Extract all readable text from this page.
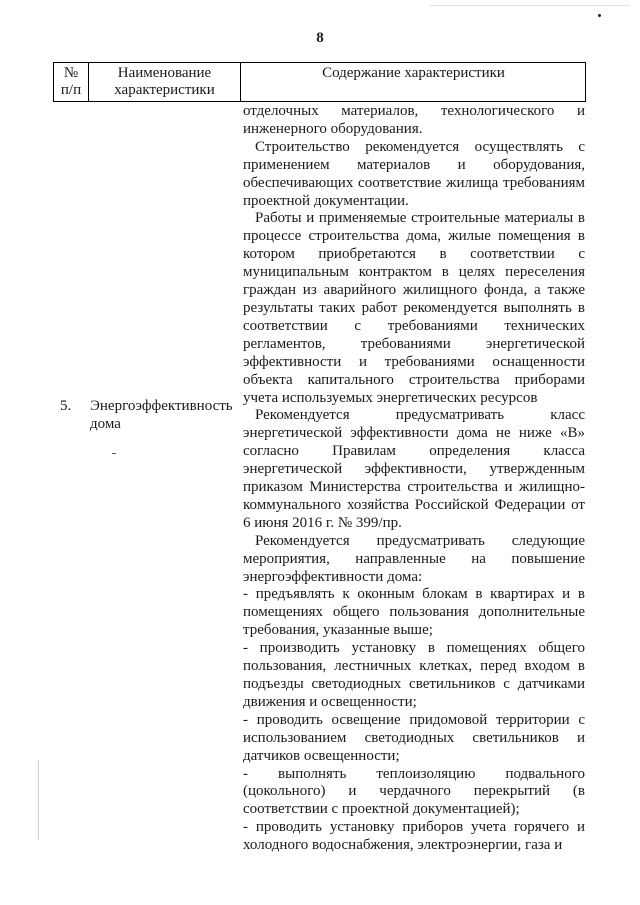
8
№
п/п
Наименование
характеристики
Содержание характеристики
5. Энергоэффективность дома

отделочных материалов, технологического и инженерного оборудования.

Строительство рекомендуется осуществлять с применением материалов и оборудования, обеспечивающих соответствие жилища требованиям проектной документации.

Работы и применяемые строительные материалы в процессе строительства дома, жилые помещения в котором приобретаются в соответствии с муниципальным контрактом в целях переселения граждан из аварийного жилищного фонда, а также результаты таких работ рекомендуется выполнять в соответствии с требованиями технических регламентов, требованиями энергетической эффективности и требованиями оснащенности объекта капитального строительства приборами учета используемых энергетических ресурсов

Рекомендуется предусматривать класс энергетической эффективности дома не ниже «В» согласно Правилам определения класса энергетической эффективности, утвержденным приказом Министерства строительства и жилищно-коммунального хозяйства Российской Федерации от 6 июня 2016 г. № 399/пр.

Рекомендуется предусматривать следующие мероприятия, направленные на повышение энергоэффективности дома:

- предъявлять к оконным блокам в квартирах и в помещениях общего пользования дополнительные требования, указанные выше;

- производить установку в помещениях общего пользования, лестничных клетках, перед входом в подъезды светодиодных светильников с датчиками движения и освещенности;

- проводить освещение придомовой территории с использованием светодиодных светильников и датчиков освещенности;

- выполнять теплоизоляцию подвального (цокольного) и чердачного перекрытий (в соответствии с проектной документацией);

- проводить установку приборов учета горячего и холодного водоснабжения, электроэнергии, газа и
